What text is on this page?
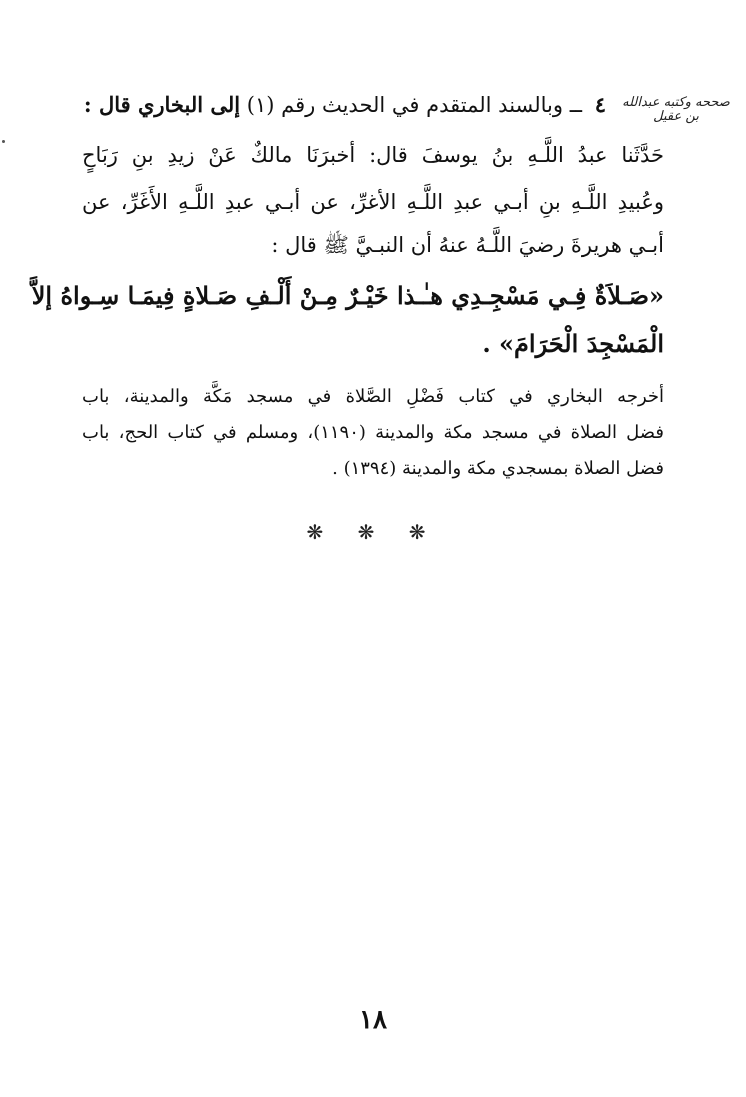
صححه وكتبه عبدالله بن عقيل
٤ ــ وبالسند المتقدم في الحديث رقم (١) إلى البخاري قال :
حَدَّثَنا عبدُ اللَّـهِ بنُ يوسفَ قال: أخبرَنَا مالكٌ عَنْ زيدِ بنِ رَبَاحٍ
وعُبيدِ اللَّـهِ بنِ أبـي عبدِ اللَّـهِ الأغرِّ، عن أبـي عبدِ اللَّـهِ الأَغَرِّ، عن
أبـي هريرةَ رضيَ اللَّـهُ عنهُ أن النبـيَّ ﷺ قال :
«صَـلاَةٌ فِـي مَسْجِـدِي هـٰـذا خَيْـرٌ مِـنْ أَلْـفِ صَـلاةٍ فِيمَـا سِـواهُ إلاَّ
الْمَسْجِدَ الْحَرَامَ» .
أخرجه البخاري في كتاب فَضْلِ الصَّلاة في مسجد مَكَّة والمدينة، باب
فضل الصلاة في مسجد مكة والمدينة (١١٩٠)، ومسلم في كتاب الحج، باب
فضل الصلاة بمسجدي مكة والمدينة (١٣٩٤) .
❋ ❋ ❋
١٨
